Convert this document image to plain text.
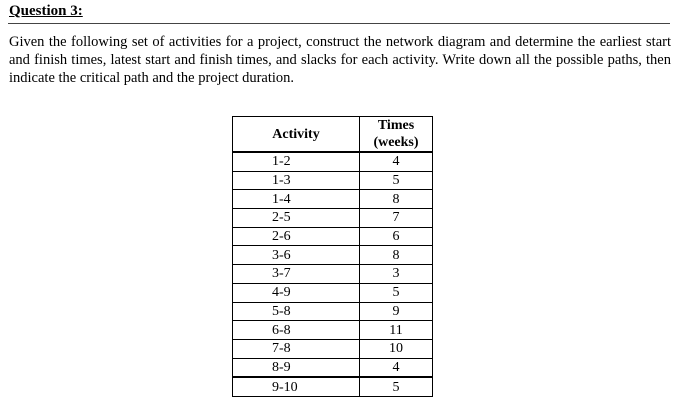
Question 3:

Given the following set of activities for a project, construct the network diagram and determine the earliest start and finish times, latest start and finish times, and slacks for each activity. Write down all the possible paths, then indicate the critical path and the project duration.

Activity	Times
(weeks)
1-2	4
1-3	5
1-4	8
2-5	7
2-6	6
3-6	8
3-7	3
4-9	5
5-8	9
6-8	11
7-8	10
8-9	4
9-10	5
